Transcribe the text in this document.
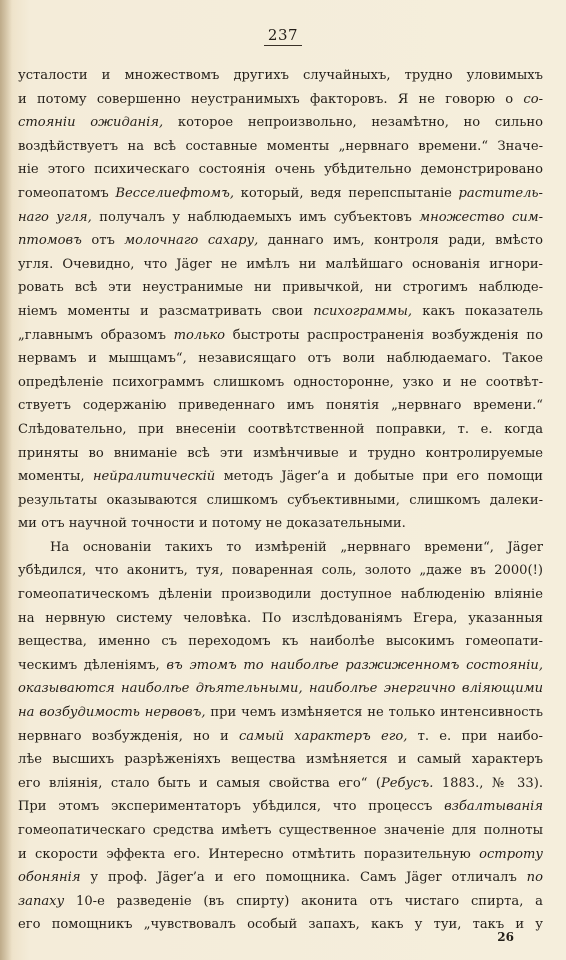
237
усталости и множествомъ другихъ случайныхъ, трудно уловимыхъ
и потому совершенно неустранимыхъ факторовъ. Я не говорю о со-
стояніи ожиданія, которое непроизвольно, незамѣтно, но сильно
воздѣйствуетъ на всѣ составные моменты „нервнаго времени.“ Значе-
ніе этого психическаго состоянія очень убѣдительно демонстрировано
гомеопатомъ Весселиефтомъ, который, ведя перепспытаніе раститель-
наго угля, получалъ у наблюдаемыхъ имъ субъектовъ множество сим-
птомовъ отъ молочнаго сахару, даннаго имъ, контроля ради, вмѣсто
угля. Очевидно, что Jäger не имѣлъ ни малѣйшаго основанія игнори-
ровать всѣ эти неустранимые ни привычкой, ни строгимъ наблюде-
ніемъ моменты и разсматривать свои психограммы, какъ показатель
„главнымъ образомъ только быстроты распространенія возбужденія по
нервамъ и мышцамъ“, независящаго отъ воли наблюдаемаго. Такое
опредѣленіе психограммъ слишкомъ односторонне, узко и не соотвѣт-
ствуетъ содержанію приведеннаго имъ понятія „нервнаго времени.“
Слѣдовательно, при внесеніи соотвѣтственной поправки, т. е. когда
приняты во вниманіе всѣ эти измѣнчивые и трудно контролируемые
моменты, нейралитическій методъ Jäger’а и добытые при его помощи
результаты оказываются слишкомъ субъективными, слишкомъ далеки-
ми отъ научной точности и потому не доказательными.
На основаніи такихъ то измѣреній „нервнаго времени“, Jäger
убѣдился, что аконитъ, туя, поваренная соль, золото „даже въ 2000(!)
гомеопатическомъ дѣленіи производили доступное наблюденію вліяніе
на нервную систему человѣка. По изслѣдованіямъ Егера, указанныя
вещества, именно съ переходомъ къ наиболѣе высокимъ гомеопати-
ческимъ дѣленіямъ, въ этомъ то наиболѣе разжиженномъ состояніи,
оказываются наиболѣе дѣятельными, наиболѣе энергично вліяющими
на возбудимость нервовъ, при чемъ измѣняется не только интенсивность
нервнаго возбужденія, но и самый характеръ его, т. е. при наибо-
лѣе высшихъ разрѣженіяхъ вещества измѣняется и самый характеръ
его вліянія, стало быть и самыя свойства его“ (Ребусъ. 1883., № 33).
При этомъ экспериментаторъ убѣдился, что процессъ взбалтыванія
гомеопатическаго средства имѣетъ существенное значеніе для полноты
и скорости эффекта его. Интересно отмѣтить поразительную остроту
обонянія у проф. Jäger’а и его помощника. Самъ Jäger отличалъ по
запаху 10-е разведеніе (въ спирту) аконита отъ чистаго спирта, а
его помощникъ „чувствовалъ особый запахъ, какъ у туи, такъ и у
26
